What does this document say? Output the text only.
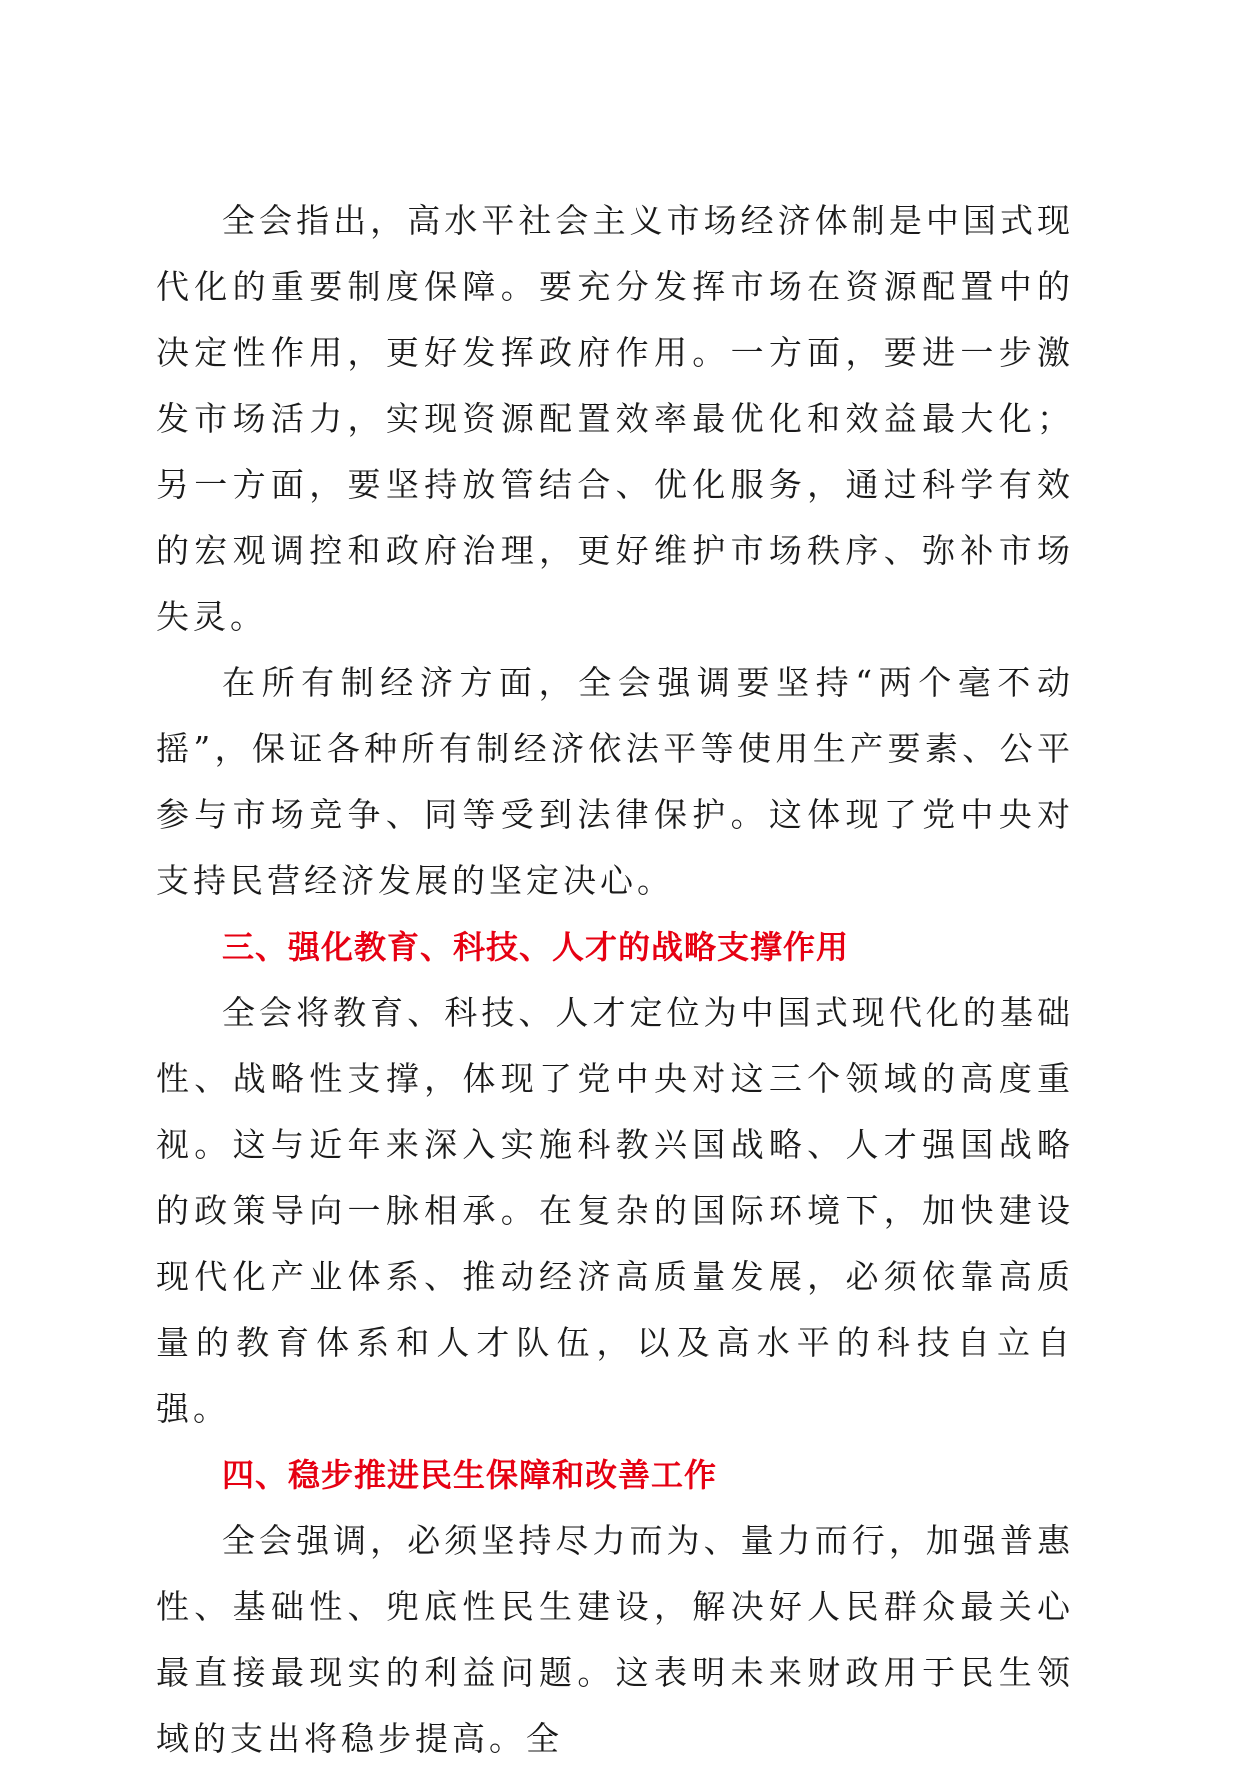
全会指出，高水平社会主义市场经济体制是中国式现代化的重要制度保障。要充分发挥市场在资源配置中的决定性作用，更好发挥政府作用。一方面，要进一步激发市场活力，实现资源配置效率最优化和效益最大化；另一方面，要坚持放管结合、优化服务，通过科学有效的宏观调控和政府治理，更好维护市场秩序、弥补市场失灵。

在所有制经济方面，全会强调要坚持“两个毫不动摇”，保证各种所有制经济依法平等使用生产要素、公平参与市场竞争、同等受到法律保护。这体现了党中央对支持民营经济发展的坚定决心。

三、强化教育、科技、人才的战略支撑作用

全会将教育、科技、人才定位为中国式现代化的基础性、战略性支撑，体现了党中央对这三个领域的高度重视。这与近年来深入实施科教兴国战略、人才强国战略的政策导向一脉相承。在复杂的国际环境下，加快建设现代化产业体系、推动经济高质量发展，必须依靠高质量的教育体系和人才队伍，以及高水平的科技自立自强。

四、稳步推进民生保障和改善工作

全会强调，必须坚持尽力而为、量力而行，加强普惠性、基础性、兜底性民生建设，解决好人民群众最关心最直接最现实的利益问题。这表明未来财政用于民生领域的支出将稳步提高。全
